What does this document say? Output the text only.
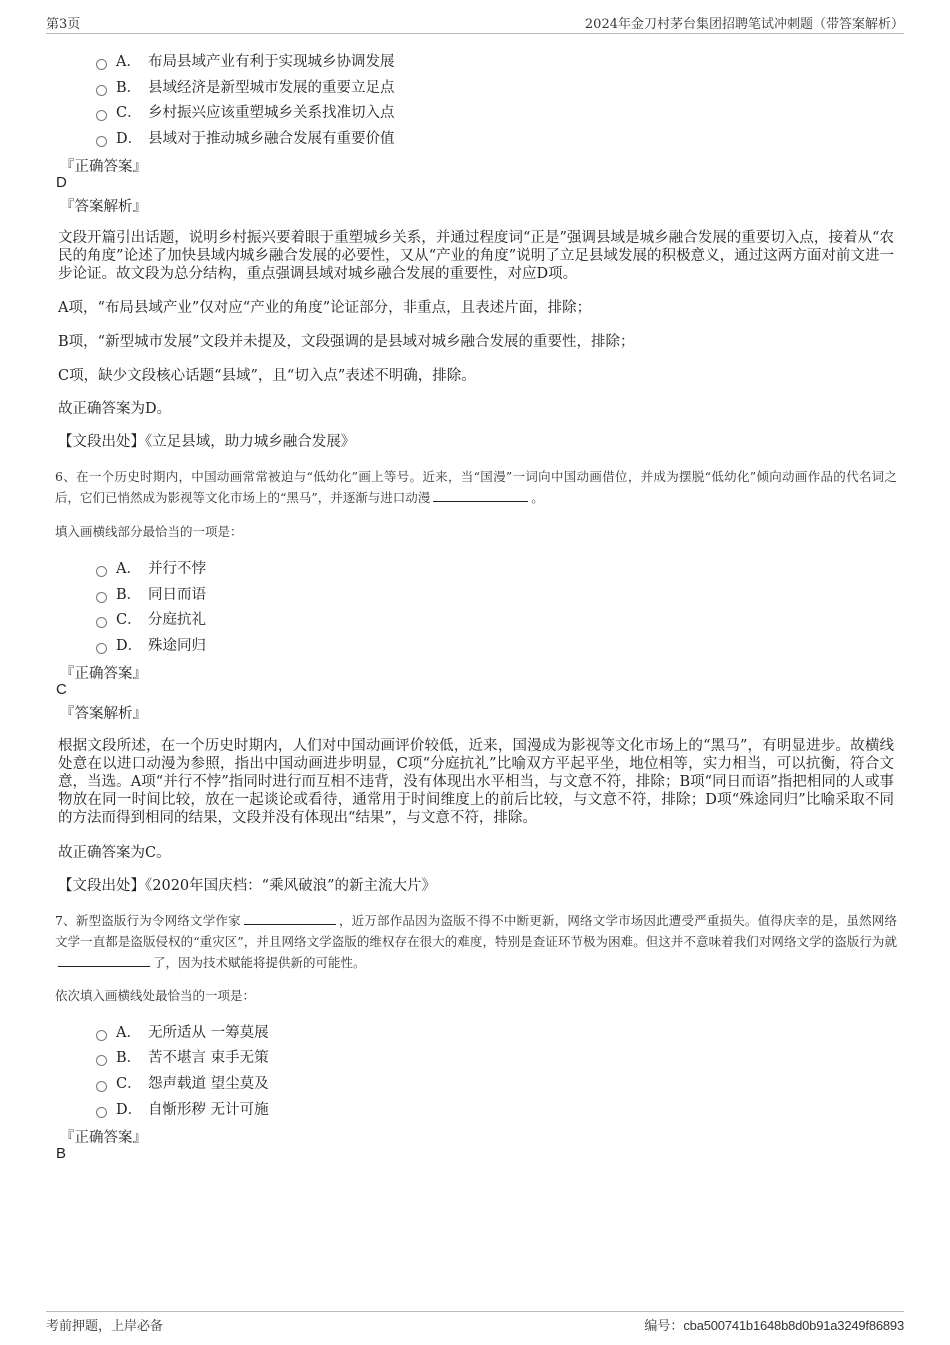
第3页	2024年金刀村茅台集团招聘笔试冲刺题（带答案解析）
A． 布局县域产业有利于实现城乡协调发展
B． 县域经济是新型城市发展的重要立足点
C． 乡村振兴应该重塑城乡关系找准切入点
D． 县域对于推动城乡融合发展有重要价值
『正确答案』
D
『答案解析』
文段开篇引出话题，说明乡村振兴要着眼于重塑城乡关系，并通过程度词“正是”强调县域是城乡融合发展的重要切入点，接着从“农民的角度”论述了加快县域内城乡融合发展的必要性，又从“产业的角度”说明了立足县域发展的积极意义，通过这两方面对前文进一步论证。故文段为总分结构，重点强调县域对城乡融合发展的重要性，对应D项。
A项，“布局县域产业”仅对应“产业的角度”论证部分，非重点，且表述片面，排除；
B项，“新型城市发展”文段并未提及，文段强调的是县域对城乡融合发展的重要性，排除；
C项，缺少文段核心话题“县域”，且“切入点”表述不明确，排除。
故正确答案为D。
【文段出处】《立足县域，助力城乡融合发展》
6、在一个历史时期内，中国动画常常被迫与“低幼化”画上等号。近来，当“国漫”一词向中国动画借位，并成为摆脱“低幼化”倾向动画作品的代名词之后，它们已悄然成为影视等文化市场上的“黑马”，并逐渐与进口动漫	。
填入画横线部分最恰当的一项是：
A． 并行不悖
B． 同日而语
C． 分庭抗礼
D． 殊途同归
『正确答案』
C
『答案解析』
根据文段所述，在一个历史时期内，人们对中国动画评价较低，近来，国漫成为影视等文化市场上的“黑马”，有明显进步。故横线处意在以进口动漫为参照，指出中国动画进步明显，C项“分庭抗礼”比喻双方平起平坐，地位相等，实力相当，可以抗衡，符合文意，当选。A项“并行不悖”指同时进行而互相不违背，没有体现出水平相当，与文意不符，排除；B项“同日而语”指把相同的人或事物放在同一时间比较，放在一起谈论或看待，通常用于时间维度上的前后比较，与文意不符，排除；D项“殊途同归”比喻采取不同的方法而得到相同的结果，文段并没有体现出“结果”，与文意不符，排除。
故正确答案为C。
【文段出处】《2020年国庆档：“乘风破浪”的新主流大片》
7、新型盗版行为令网络文学作家	，近万部作品因为盗版不得不中断更新，网络文学市场因此遭受严重损失。值得庆幸的是，虽然网络文学一直都是盗版侵权的“重灾区”，并且网络文学盗版的维权存在很大的难度，特别是查证环节极为困难。但这并不意味着我们对网络文学的盗版行为就了，因为技术赋能将提供新的可能性。
依次填入画横线处最恰当的一项是：
A． 无所适从 一筹莫展
B． 苦不堪言 束手无策
C． 怨声载道 望尘莫及
D． 自惭形秽 无计可施
『正确答案』
B
考前押题，上岸必备	编号：cba500741b1648b8d0b91a3249f86893
